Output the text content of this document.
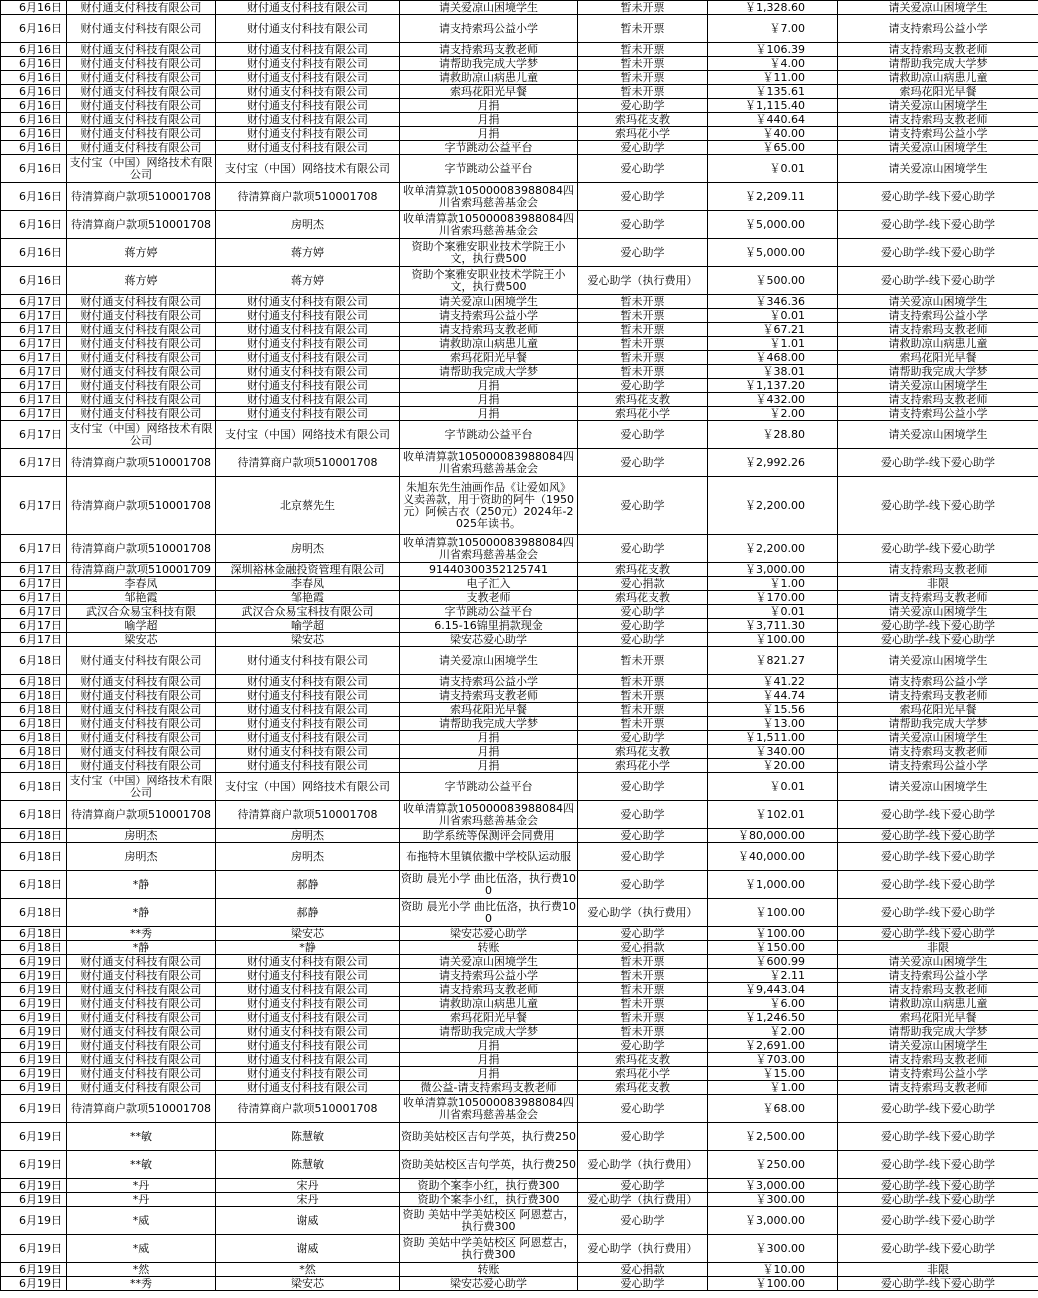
6月16日	财付通支付科技有限公司	财付通支付科技有限公司	请关爱凉山困境学生	暂未开票	￥1,328.60	请关爱凉山困境学生
6月16日	财付通支付科技有限公司	财付通支付科技有限公司	请支持索玛公益小学	暂未开票	￥7.00	请支持索玛公益小学
6月16日	财付通支付科技有限公司	财付通支付科技有限公司	请支持索玛支教老师	暂未开票	￥106.39	请支持索玛支教老师
6月16日	财付通支付科技有限公司	财付通支付科技有限公司	请帮助我完成大学梦	暂未开票	￥4.00	请帮助我完成大学梦
6月16日	财付通支付科技有限公司	财付通支付科技有限公司	请救助凉山病患儿童	暂未开票	￥11.00	请救助凉山病患儿童
6月16日	财付通支付科技有限公司	财付通支付科技有限公司	索玛花阳光早餐	暂未开票	￥135.61	索玛花阳光早餐
6月16日	财付通支付科技有限公司	财付通支付科技有限公司	月捐	爱心助学	￥1,115.40	请关爱凉山困境学生
6月16日	财付通支付科技有限公司	财付通支付科技有限公司	月捐	索玛花支教	￥440.64	请支持索玛支教老师
6月16日	财付通支付科技有限公司	财付通支付科技有限公司	月捐	索玛花小学	￥40.00	请支持索玛公益小学
6月16日	财付通支付科技有限公司	财付通支付科技有限公司	字节跳动公益平台	爱心助学	￥65.00	请关爱凉山困境学生
6月16日	支付宝（中国）网络技术有限公司	支付宝（中国）网络技术有限公司	字节跳动公益平台	爱心助学	￥0.01	请关爱凉山困境学生
6月16日	待清算商户款项510001708	待清算商户款项510001708	收单清算款105000083988084四川省索玛慈善基金会	爱心助学	￥2,209.11	爱心助学-线下爱心助学
6月16日	待清算商户款项510001708	房明杰	收单清算款105000083988084四川省索玛慈善基金会	爱心助学	￥5,000.00	爱心助学-线下爱心助学
6月16日	蒋方婷	蒋方婷	资助个案雅安职业技术学院王小文，执行费500	爱心助学	￥5,000.00	爱心助学-线下爱心助学
6月16日	蒋方婷	蒋方婷	资助个案雅安职业技术学院王小文，执行费500	爱心助学（执行费用）	￥500.00	爱心助学-线下爱心助学
6月17日	财付通支付科技有限公司	财付通支付科技有限公司	请关爱凉山困境学生	暂未开票	￥346.36	请关爱凉山困境学生
6月17日	财付通支付科技有限公司	财付通支付科技有限公司	请支持索玛公益小学	暂未开票	￥0.01	请支持索玛公益小学
6月17日	财付通支付科技有限公司	财付通支付科技有限公司	请支持索玛支教老师	暂未开票	￥67.21	请支持索玛支教老师
6月17日	财付通支付科技有限公司	财付通支付科技有限公司	请救助凉山病患儿童	暂未开票	￥1.01	请救助凉山病患儿童
6月17日	财付通支付科技有限公司	财付通支付科技有限公司	索玛花阳光早餐	暂未开票	￥468.00	索玛花阳光早餐
6月17日	财付通支付科技有限公司	财付通支付科技有限公司	请帮助我完成大学梦	暂未开票	￥38.01	请帮助我完成大学梦
6月17日	财付通支付科技有限公司	财付通支付科技有限公司	月捐	爱心助学	￥1,137.20	请关爱凉山困境学生
6月17日	财付通支付科技有限公司	财付通支付科技有限公司	月捐	索玛花支教	￥432.00	请支持索玛支教老师
6月17日	财付通支付科技有限公司	财付通支付科技有限公司	月捐	索玛花小学	￥2.00	请支持索玛公益小学
6月17日	支付宝（中国）网络技术有限公司	支付宝（中国）网络技术有限公司	字节跳动公益平台	爱心助学	￥28.80	请关爱凉山困境学生
6月17日	待清算商户款项510001708	待清算商户款项510001708	收单清算款105000083988084四川省索玛慈善基金会	爱心助学	￥2,992.26	爱心助学-线下爱心助学
6月17日	待清算商户款项510001708	北京蔡先生	朱旭东先生油画作品《让爱如风》义卖善款，用于资助的阿牛（1950元）阿候古衣（250元）2024年-2025年读书。	爱心助学	￥2,200.00	爱心助学-线下爱心助学
6月17日	待清算商户款项510001708	房明杰	收单清算款105000083988084四川省索玛慈善基金会	爱心助学	￥2,200.00	爱心助学-线下爱心助学
6月17日	待清算商户款项510001709	深圳裕林金融投资管理有限公司	91440300352125741	索玛花支教	￥3,000.00	请支持索玛支教老师
6月17日	李春凤	李春凤	电子汇入	爱心捐款	￥1.00	非限
6月17日	邹艳霞	邹艳霞	支教老师	索玛花支教	￥170.00	请支持索玛支教老师
6月17日	武汉合众易宝科技有限	武汉合众易宝科技有限公司	字节跳动公益平台	爱心助学	￥0.01	请关爱凉山困境学生
6月17日	喻学超	喻学超	6.15-16锦里捐款现金	爱心助学	￥3,711.30	爱心助学-线下爱心助学
6月17日	梁安芯	梁安芯	梁安芯爱心助学	爱心助学	￥100.00	爱心助学-线下爱心助学
6月18日	财付通支付科技有限公司	财付通支付科技有限公司	请关爱凉山困境学生	暂未开票	￥821.27	请关爱凉山困境学生
6月18日	财付通支付科技有限公司	财付通支付科技有限公司	请支持索玛公益小学	暂未开票	￥41.22	请支持索玛公益小学
6月18日	财付通支付科技有限公司	财付通支付科技有限公司	请支持索玛支教老师	暂未开票	￥44.74	请支持索玛支教老师
6月18日	财付通支付科技有限公司	财付通支付科技有限公司	索玛花阳光早餐	暂未开票	￥15.56	索玛花阳光早餐
6月18日	财付通支付科技有限公司	财付通支付科技有限公司	请帮助我完成大学梦	暂未开票	￥13.00	请帮助我完成大学梦
6月18日	财付通支付科技有限公司	财付通支付科技有限公司	月捐	爱心助学	￥1,511.00	请关爱凉山困境学生
6月18日	财付通支付科技有限公司	财付通支付科技有限公司	月捐	索玛花支教	￥340.00	请支持索玛支教老师
6月18日	财付通支付科技有限公司	财付通支付科技有限公司	月捐	索玛花小学	￥20.00	请支持索玛公益小学
6月18日	支付宝（中国）网络技术有限公司	支付宝（中国）网络技术有限公司	字节跳动公益平台	爱心助学	￥0.01	请关爱凉山困境学生
6月18日	待清算商户款项510001708	待清算商户款项510001708	收单清算款105000083988084四川省索玛慈善基金会	爱心助学	￥102.01	爱心助学-线下爱心助学
6月18日	房明杰	房明杰	助学系统等保测评会同费用	爱心助学	￥80,000.00	爱心助学-线下爱心助学
6月18日	房明杰	房明杰	布拖特木里镇依撒中学校队运动服	爱心助学	￥40,000.00	爱心助学-线下爱心助学
6月18日	*静	郝静	资助 晨光小学 曲比伍洛，执行费100	爱心助学	￥1,000.00	爱心助学-线下爱心助学
6月18日	*静	郝静	资助 晨光小学 曲比伍洛，执行费100	爱心助学（执行费用）	￥100.00	爱心助学-线下爱心助学
6月18日	**秀	梁安芯	梁安芯爱心助学	爱心助学	￥100.00	爱心助学-线下爱心助学
6月18日	*静	*静	转账	爱心捐款	￥150.00	非限
6月19日	财付通支付科技有限公司	财付通支付科技有限公司	请关爱凉山困境学生	暂未开票	￥600.99	请关爱凉山困境学生
6月19日	财付通支付科技有限公司	财付通支付科技有限公司	请支持索玛公益小学	暂未开票	￥2.11	请支持索玛公益小学
6月19日	财付通支付科技有限公司	财付通支付科技有限公司	请支持索玛支教老师	暂未开票	￥9,443.04	请支持索玛支教老师
6月19日	财付通支付科技有限公司	财付通支付科技有限公司	请救助凉山病患儿童	暂未开票	￥6.00	请救助凉山病患儿童
6月19日	财付通支付科技有限公司	财付通支付科技有限公司	索玛花阳光早餐	暂未开票	￥1,246.50	索玛花阳光早餐
6月19日	财付通支付科技有限公司	财付通支付科技有限公司	请帮助我完成大学梦	暂未开票	￥2.00	请帮助我完成大学梦
6月19日	财付通支付科技有限公司	财付通支付科技有限公司	月捐	爱心助学	￥2,691.00	请关爱凉山困境学生
6月19日	财付通支付科技有限公司	财付通支付科技有限公司	月捐	索玛花支教	￥703.00	请支持索玛支教老师
6月19日	财付通支付科技有限公司	财付通支付科技有限公司	月捐	索玛花小学	￥15.00	请支持索玛公益小学
6月19日	财付通支付科技有限公司	财付通支付科技有限公司	微公益-请支持索玛支教老师	索玛花支教	￥1.00	请支持索玛支教老师
6月19日	待清算商户款项510001708	待清算商户款项510001708	收单清算款105000083988084四川省索玛慈善基金会	爱心助学	￥68.00	爱心助学-线下爱心助学
6月19日	**敏	陈慧敏	资助美姑校区吉句学英，执行费250	爱心助学	￥2,500.00	爱心助学-线下爱心助学
6月19日	**敏	陈慧敏	资助美姑校区吉句学英，执行费250	爱心助学（执行费用）	￥250.00	爱心助学-线下爱心助学
6月19日	*丹	宋丹	资助个案李小红，执行费300	爱心助学	￥3,000.00	爱心助学-线下爱心助学
6月19日	*丹	宋丹	资助个案李小红，执行费300	爱心助学（执行费用）	￥300.00	爱心助学-线下爱心助学
6月19日	*威	谢威	资助 美姑中学美姑校区 阿恩惹古，执行费300	爱心助学	￥3,000.00	爱心助学-线下爱心助学
6月19日	*威	谢威	资助 美姑中学美姑校区 阿恩惹古，执行费300	爱心助学（执行费用）	￥300.00	爱心助学-线下爱心助学
6月19日	*然	*然	转账	爱心捐款	￥10.00	非限
6月19日	**秀	梁安芯	梁安芯爱心助学	爱心助学	￥100.00	爱心助学-线下爱心助学
